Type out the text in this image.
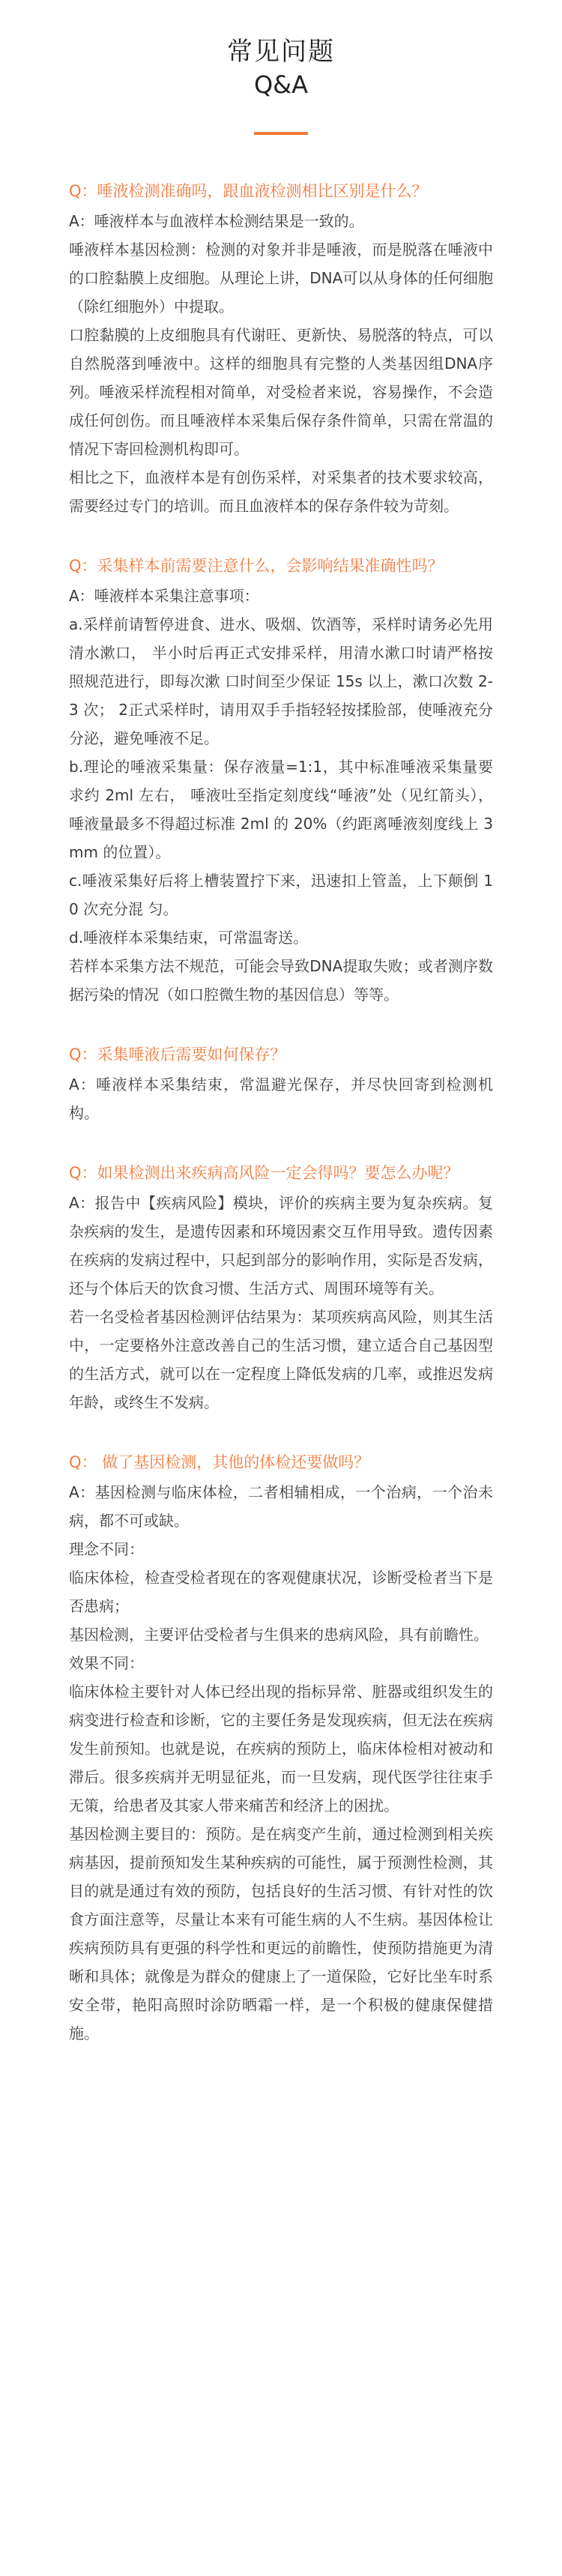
常见问题
Q&A

Q：唾液检测准确吗，跟血液检测相比区别是什么？

A：唾液样本与血液样本检测结果是一致的。

唾液样本基因检测：检测的对象并非是唾液，而是脱落在唾液中的口腔黏膜上皮细胞。从理论上讲，DNA可以从身体的任何细胞（除红细胞外）中提取。

口腔黏膜的上皮细胞具有代谢旺、更新快、易脱落的特点，可以自然脱落到唾液中。这样的细胞具有完整的人类基因组DNA序列。唾液采样流程相对简单，对受检者来说，容易操作，不会造成任何创伤。而且唾液样本采集后保存条件简单，只需在常温的情况下寄回检测机构即可。

相比之下，血液样本是有创伤采样，对采集者的技术要求较高，需要经过专门的培训。而且血液样本的保存条件较为苛刻。

Q：采集样本前需要注意什么，会影响结果准确性吗？

A：唾液样本采集注意事项：

a.采样前请暂停进食、进水、吸烟、饮酒等，采样时请务必先用清水漱口， 半小时后再正式安排采样，用清水漱口时请严格按照规范进行，即每次漱 口时间至少保证 15s 以上，漱口次数 2-3 次； 2正式采样时，请用双手手指轻轻按揉脸部，使唾液充分分泌，避免唾液不足。

b.理论的唾液采集量：保存液量=1:1，其中标准唾液采集量要求约 2ml 左右， 唾液吐至指定刻度线“唾液”处（见红箭头），唾液量最多不得超过标准 2ml 的 20%（约距离唾液刻度线上 3mm 的位置）。

c.唾液采集好后将上槽装置拧下来，迅速扣上管盖，上下颠倒 10 次充分混 匀。

d.唾液样本采集结束，可常温寄送。

若样本采集方法不规范，可能会导致DNA提取失败；或者测序数据污染的情况（如口腔微生物的基因信息）等等。

Q：采集唾液后需要如何保存？

A：唾液样本采集结束，常温避光保存，并尽快回寄到检测机构。

Q：如果检测出来疾病高风险一定会得吗？要怎么办呢？

A：报告中【疾病风险】模块，评价的疾病主要为复杂疾病。复杂疾病的发生，是遗传因素和环境因素交互作用导致。遗传因素在疾病的发病过程中，只起到部分的影响作用，实际是否发病，还与个体后天的饮食习惯、生活方式、周围环境等有关。

若一名受检者基因检测评估结果为：某项疾病高风险，则其生活中，一定要格外注意改善自己的生活习惯，建立适合自己基因型的生活方式，就可以在一定程度上降低发病的几率，或推迟发病年龄，或终生不发病。

Q： 做了基因检测，其他的体检还要做吗？

A：基因检测与临床体检，二者相辅相成，一个治病，一个治未病，都不可或缺。

理念不同：

临床体检，检查受检者现在的客观健康状况，诊断受检者当下是否患病；

基因检测，主要评估受检者与生俱来的患病风险，具有前瞻性。

效果不同：

临床体检主要针对人体已经出现的指标异常、脏器或组织发生的病变进行检查和诊断，它的主要任务是发现疾病，但无法在疾病发生前预知。也就是说，在疾病的预防上，临床体检相对被动和滞后。很多疾病并无明显征兆，而一旦发病，现代医学往往束手无策，给患者及其家人带来痛苦和经济上的困扰。

基因检测主要目的：预防。是在病变产生前，通过检测到相关疾病基因，提前预知发生某种疾病的可能性，属于预测性检测，其目的就是通过有效的预防，包括良好的生活习惯、有针对性的饮食方面注意等，尽量让本来有可能生病的人不生病。基因体检让疾病预防具有更强的科学性和更远的前瞻性，使预防措施更为清晰和具体；就像是为群众的健康上了一道保险，它好比坐车时系安全带，艳阳高照时涂防晒霜一样，是一个积极的健康保健措施。
